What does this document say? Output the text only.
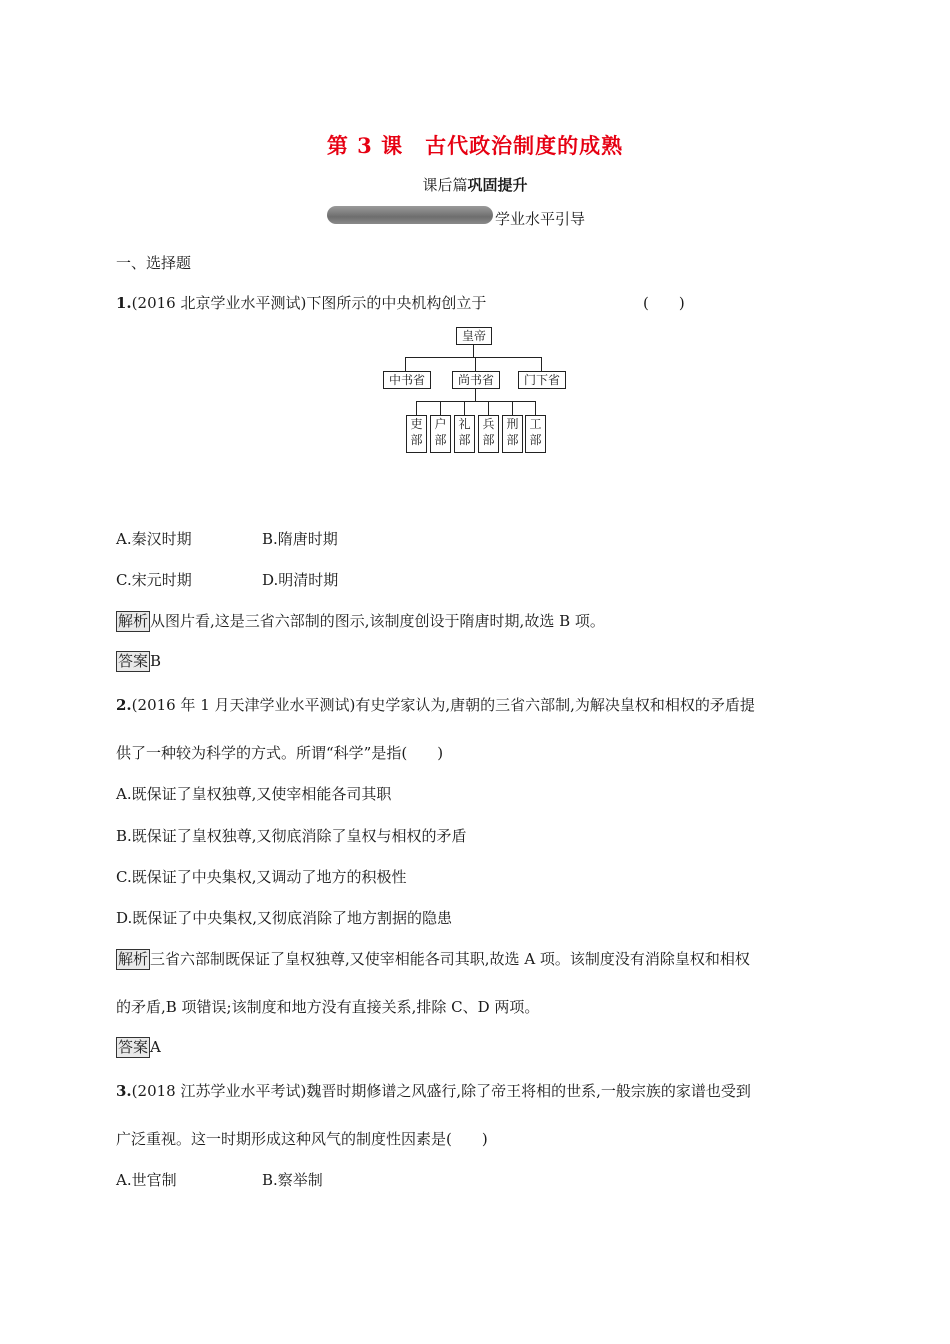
第 3 课　古代政治制度的成熟
课后篇巩固提升
学业水平引导
一、选择题
1.(2016 北京学业水平测试)下图所示的中央机构创立于	(　　)
皇帝
中书省	尚书省	门下省
吏
部
户
部
礼
部
兵
部
刑
部
工
部
A.秦汉时期	B.隋唐时期
C.宋元时期	D.明清时期
解析 从图片看,这是三省六部制的图示,该制度创设于隋唐时期,故选 B 项。
答案 B
2.(2016 年 1 月天津学业水平测试)有史学家认为,唐朝的三省六部制,为解决皇权和相权的矛盾提
供了一种较为科学的方式。所谓“科学”是指(　　)
A.既保证了皇权独尊,又使宰相能各司其职
B.既保证了皇权独尊,又彻底消除了皇权与相权的矛盾
C.既保证了中央集权,又调动了地方的积极性
D.既保证了中央集权,又彻底消除了地方割据的隐患
解析 三省六部制既保证了皇权独尊,又使宰相能各司其职,故选 A 项。该制度没有消除皇权和相权
的矛盾,B 项错误;该制度和地方没有直接关系,排除 C、D 两项。
答案 A
3.(2018 江苏学业水平考试)魏晋时期修谱之风盛行,除了帝王将相的世系,一般宗族的家谱也受到
广泛重视。这一时期形成这种风气的制度性因素是(　　)
A.世官制	B.察举制
